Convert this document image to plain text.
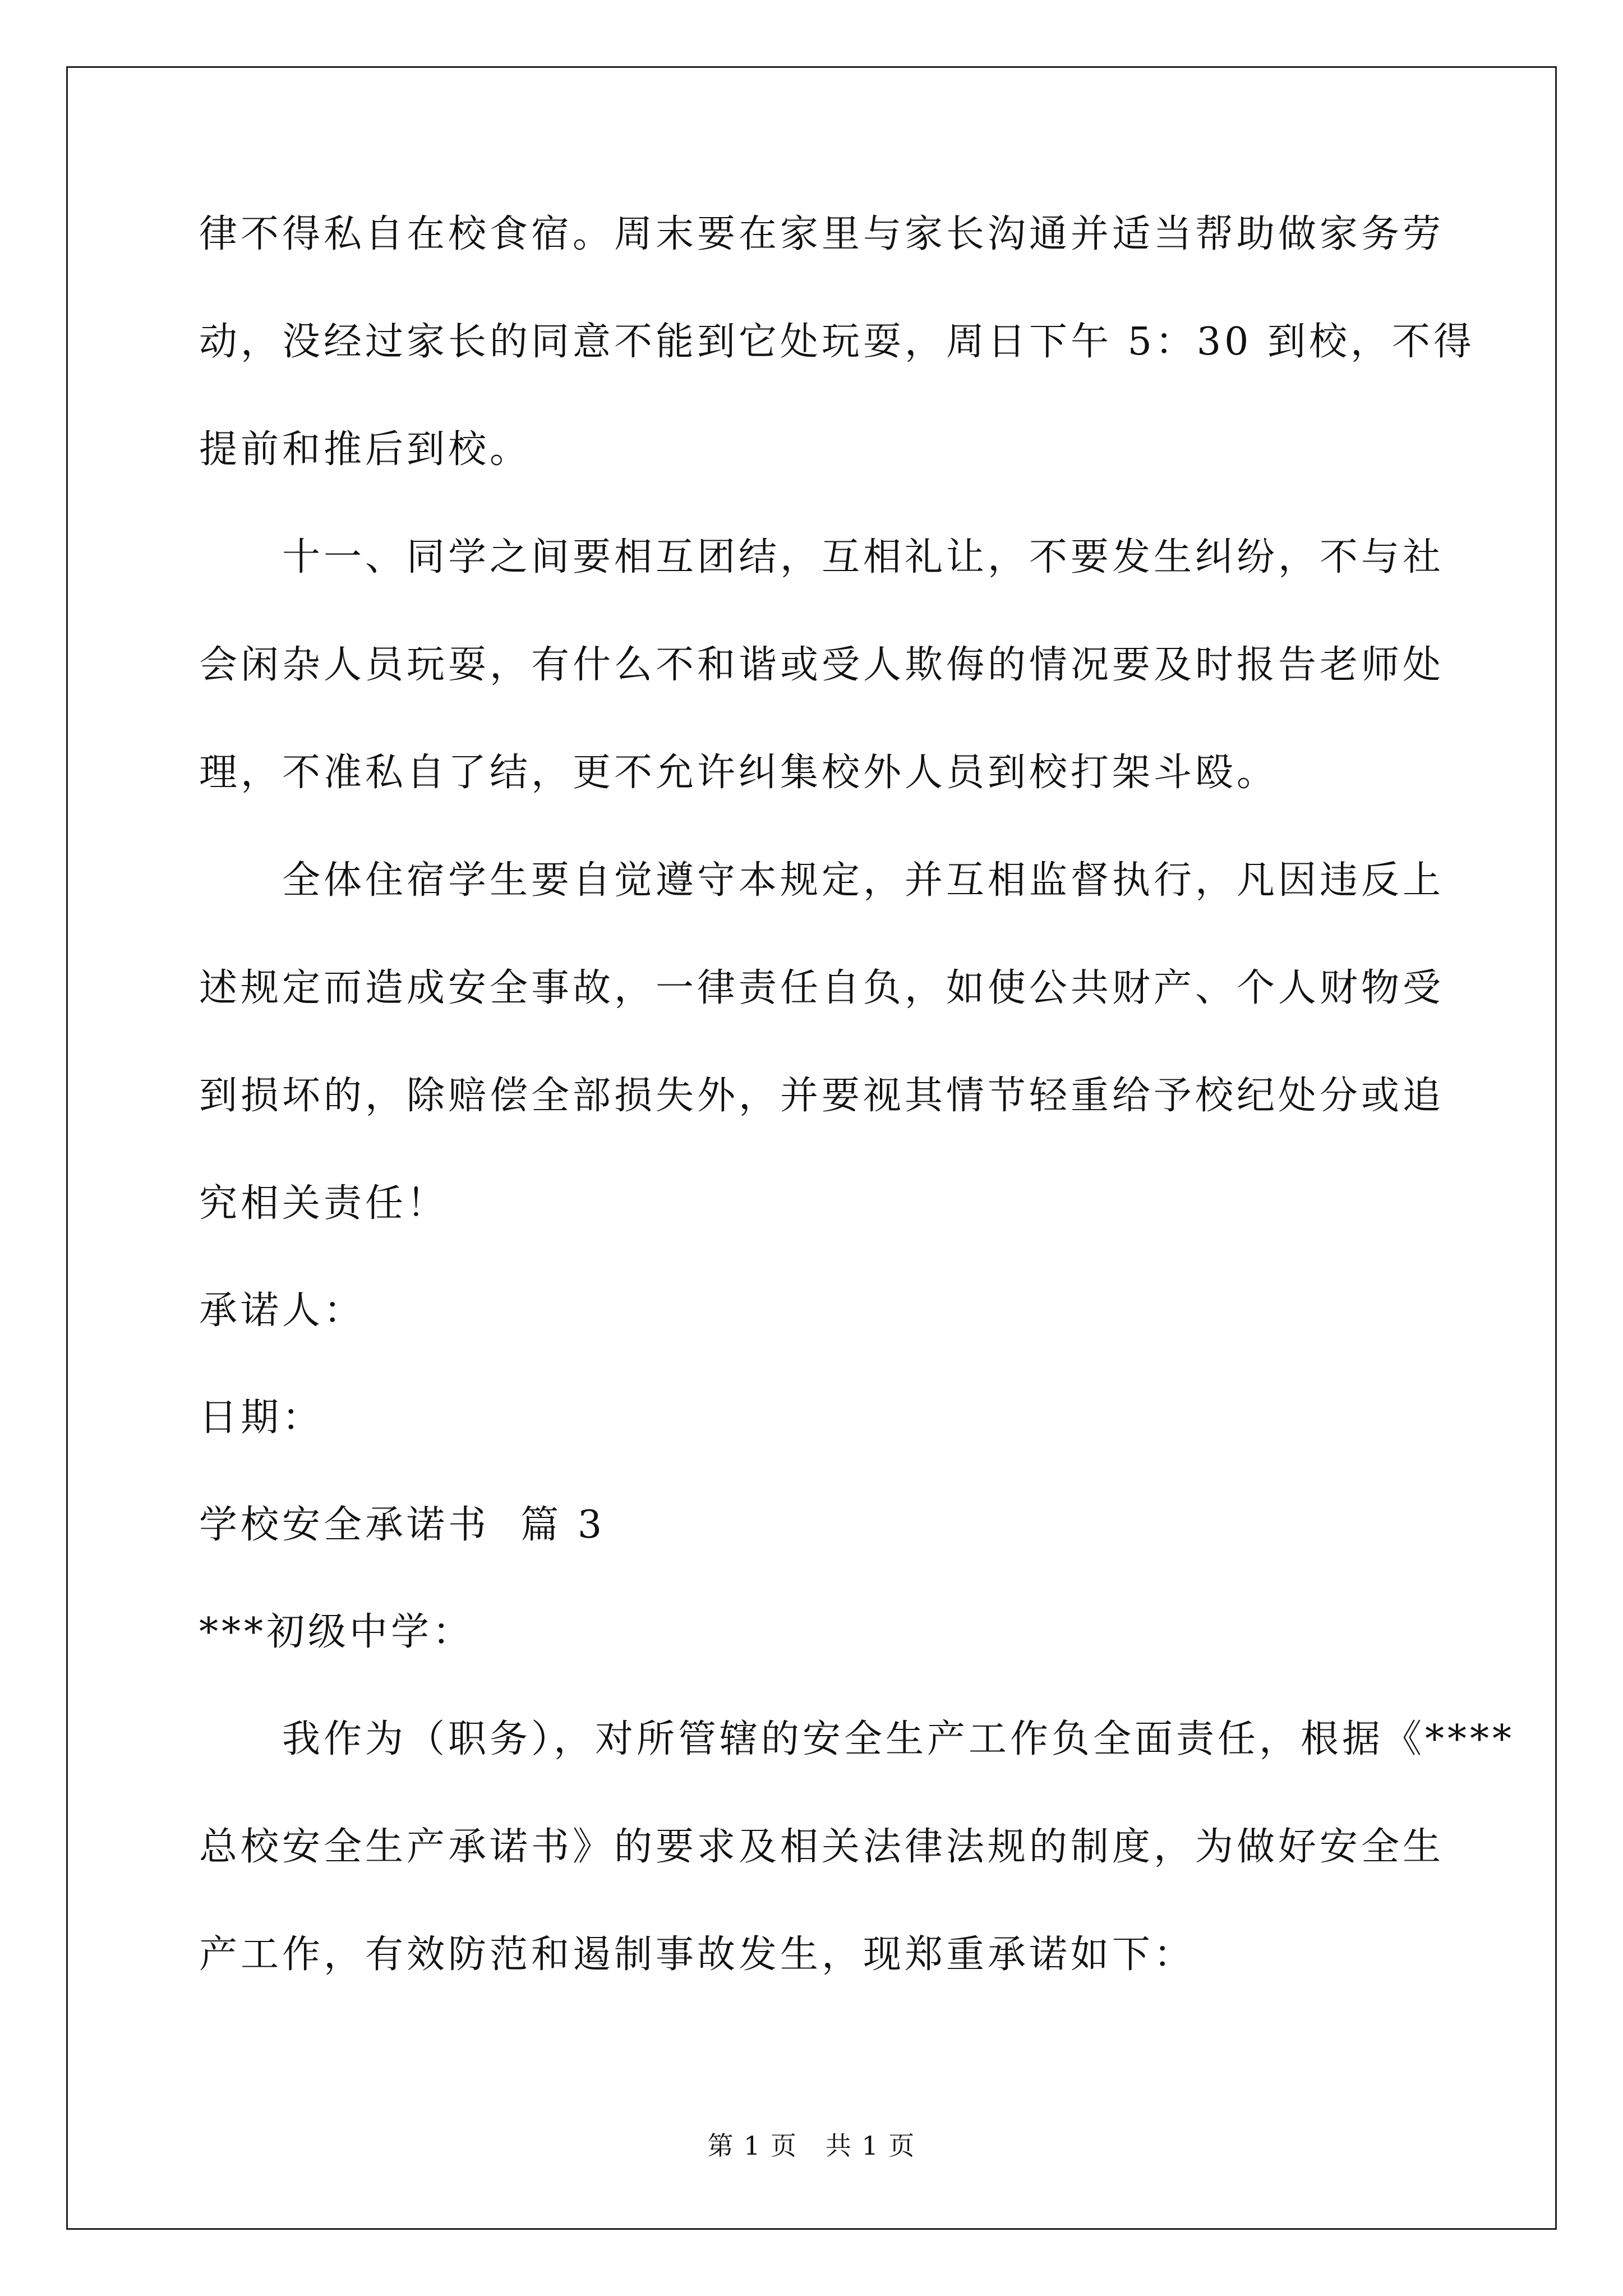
律不得私自在校食宿。周末要在家里与家长沟通并适当帮助做家务劳
动，没经过家长的同意不能到它处玩耍，周日下午 5：30 到校，不得
提前和推后到校。
十一、同学之间要相互团结，互相礼让，不要发生纠纷，不与社
会闲杂人员玩耍，有什么不和谐或受人欺侮的情况要及时报告老师处
理，不准私自了结，更不允许纠集校外人员到校打架斗殴。
全体住宿学生要自觉遵守本规定，并互相监督执行，凡因违反上
述规定而造成安全事故，一律责任自负，如使公共财产、个人财物受
到损坏的，除赔偿全部损失外，并要视其情节轻重给予校纪处分或追
究相关责任！
承诺人：
日期：
学校安全承诺书  篇 3
***初级中学：
我作为（职务），对所管辖的安全生产工作负全面责任，根据《****
总校安全生产承诺书》的要求及相关法律法规的制度，为做好安全生
产工作，有效防范和遏制事故发生，现郑重承诺如下：
第 1 页   共 1 页
